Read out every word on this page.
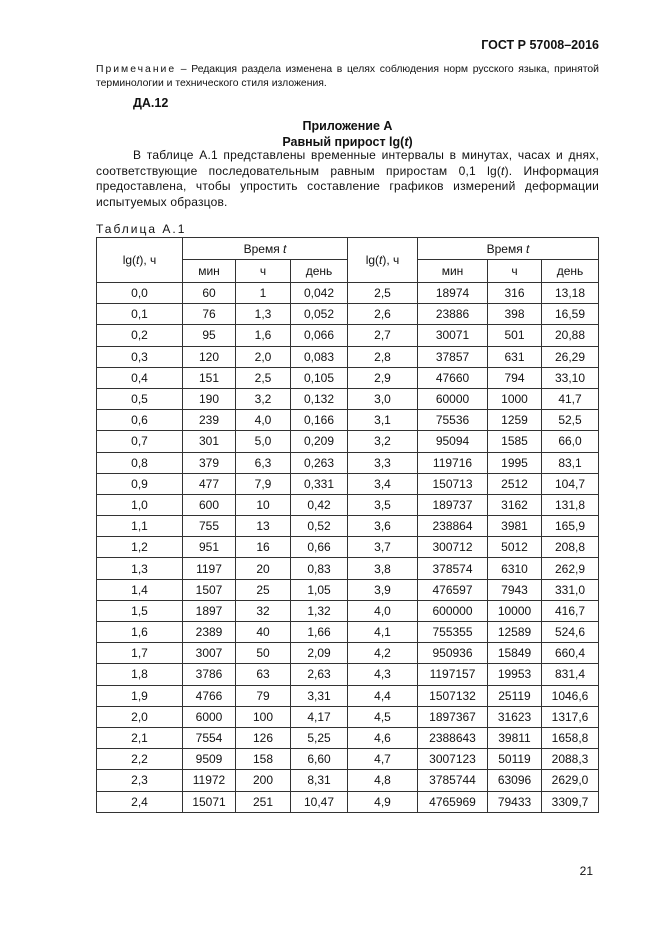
ГОСТ Р 57008–2016
Примечание – Редакция раздела изменена в целях соблюдения норм русского языка, принятой терминологии и технического стиля изложения.
ДА.12
Приложение А
Равный прирост lg(t)

В таблице А.1 представлены временные интервалы в минутах, часах и днях, соответствующие последовательным равным приростам 0,1 lg(t). Информация предоставлена, чтобы упростить составление графиков измерений деформации испытуемых образцов.

Таблица А.1
lg(t), ч	Время t			lg(t), ч	Время t		
	мин	ч	день		мин	ч	день
0,0	60	1	0,042	2,5	18974	316	13,18
0,1	76	1,3	0,052	2,6	23886	398	16,59
0,2	95	1,6	0,066	2,7	30071	501	20,88
0,3	120	2,0	0,083	2,8	37857	631	26,29
0,4	151	2,5	0,105	2,9	47660	794	33,10
0,5	190	3,2	0,132	3,0	60000	1000	41,7
0,6	239	4,0	0,166	3,1	75536	1259	52,5
0,7	301	5,0	0,209	3,2	95094	1585	66,0
0,8	379	6,3	0,263	3,3	119716	1995	83,1
0,9	477	7,9	0,331	3,4	150713	2512	104,7
1,0	600	10	0,42	3,5	189737	3162	131,8
1,1	755	13	0,52	3,6	238864	3981	165,9
1,2	951	16	0,66	3,7	300712	5012	208,8
1,3	1197	20	0,83	3,8	378574	6310	262,9
1,4	1507	25	1,05	3,9	476597	7943	331,0
1,5	1897	32	1,32	4,0	600000	10000	416,7
1,6	2389	40	1,66	4,1	755355	12589	524,6
1,7	3007	50	2,09	4,2	950936	15849	660,4
1,8	3786	63	2,63	4,3	1197157	19953	831,4
1,9	4766	79	3,31	4,4	1507132	25119	1046,6
2,0	6000	100	4,17	4,5	1897367	31623	1317,6
2,1	7554	126	5,25	4,6	2388643	39811	1658,8
2,2	9509	158	6,60	4,7	3007123	50119	2088,3
2,3	11972	200	8,31	4,8	3785744	63096	2629,0
2,4	15071	251	10,47	4,9	4765969	79433	3309,7
21
